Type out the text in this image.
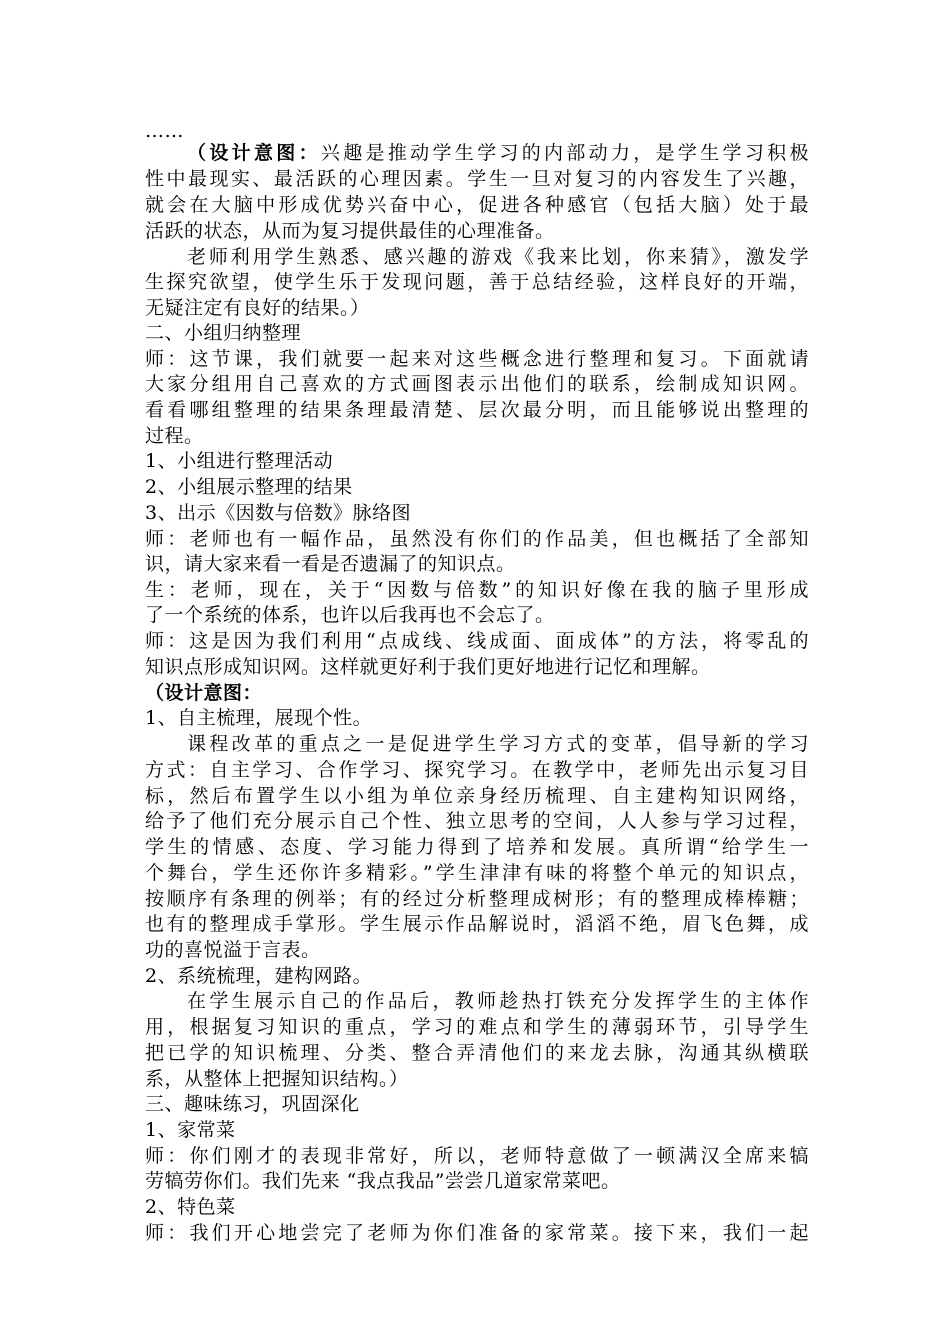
……
（设计意图：兴趣是推动学生学习的内部动力，是学生学习积极
性中最现实、最活跃的心理因素。学生一旦对复习的内容发生了兴趣，
就会在大脑中形成优势兴奋中心，促进各种感官（包括大脑）处于最
活跃的状态，从而为复习提供最佳的心理准备。
老师利用学生熟悉、感兴趣的游戏《我来比划，你来猜》，激发学
生探究欲望，使学生乐于发现问题，善于总结经验，这样良好的开端，
无疑注定有良好的结果。）
二、小组归纳整理
师：这节课，我们就要一起来对这些概念进行整理和复习。下面就请
大家分组用自己喜欢的方式画图表示出他们的联系，绘制成知识网。
看看哪组整理的结果条理最清楚、层次最分明，而且能够说出整理的
过程。
1、小组进行整理活动
2、小组展示整理的结果
3、出示《因数与倍数》脉络图
师：老师也有一幅作品，虽然没有你们的作品美，但也概括了全部知
识，请大家来看一看是否遗漏了的知识点。
生：老师，现在，关于“因数与倍数”的知识好像在我的脑子里形成
了一个系统的体系，也许以后我再也不会忘了。
师：这是因为我们利用“点成线、线成面、面成体”的方法，将零乱的
知识点形成知识网。这样就更好利于我们更好地进行记忆和理解。
（设计意图：
1、自主梳理，展现个性。
课程改革的重点之一是促进学生学习方式的变革，倡导新的学习
方式：自主学习、合作学习、探究学习。在教学中，老师先出示复习目
标，然后布置学生以小组为单位亲身经历梳理、自主建构知识网络，
给予了他们充分展示自己个性、独立思考的空间，人人参与学习过程，
学生的情感、态度、学习能力得到了培养和发展。真所谓“给学生一
个舞台，学生还你许多精彩。”学生津津有味的将整个单元的知识点，
按顺序有条理的例举；有的经过分析整理成树形；有的整理成棒棒糖；
也有的整理成手掌形。学生展示作品解说时，滔滔不绝，眉飞色舞，成
功的喜悦溢于言表。
2、系统梳理，建构网路。
在学生展示自己的作品后，教师趁热打铁充分发挥学生的主体作
用，根据复习知识的重点，学习的难点和学生的薄弱环节，引导学生
把已学的知识梳理、分类、整合弄清他们的来龙去脉，沟通其纵横联
系，从整体上把握知识结构。）
三、趣味练习，巩固深化
1、家常菜
师：你们刚才的表现非常好，所以，老师特意做了一顿满汉全席来犒
劳犒劳你们。我们先来 “我点我品”尝尝几道家常菜吧。
2、特色菜
师：我们开心地尝完了老师为你们准备的家常菜。接下来，我们一起
